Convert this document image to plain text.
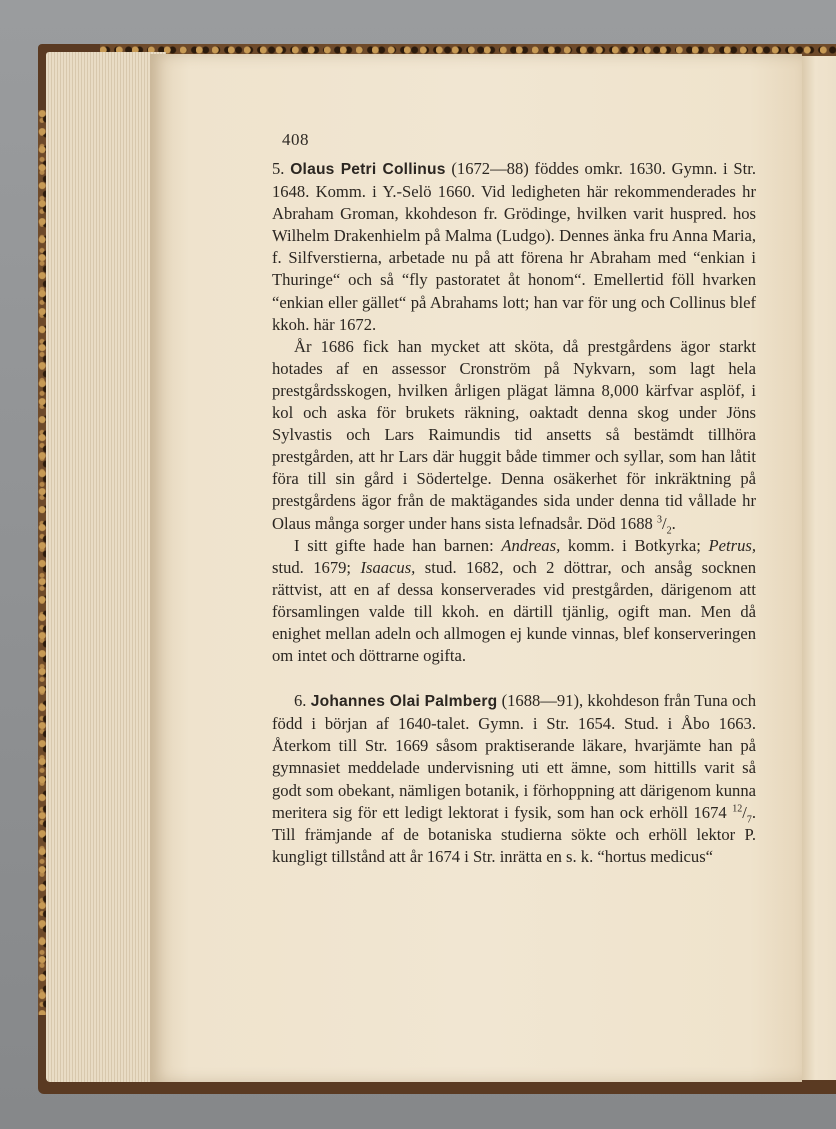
408

5. Olaus Petri Collinus (1672—88) föddes omkr. 1630. Gymn. i Str. 1648. Komm. i Y.-Selö 1660. Vid ledigheten här rekommenderades hr Abraham Groman, kkohdeson fr. Grödinge, hvilken varit huspred. hos Wilhelm Drakenhielm på Malma (Ludgo). Dennes änka fru Anna Maria, f. Silfverstierna, arbetade nu på att förena hr Abraham med “enkian i Thuringe“ och så “fly pastoratet åt honom“. Emellertid föll hvarken “enkian eller gället“ på Abrahams lott; han var för ung och Collinus blef kkoh. här 1672.

År 1686 fick han mycket att sköta, då prestgårdens ägor starkt hotades af en assessor Cronström på Nykvarn, som lagt hela prestgårdsskogen, hvilken årligen plägat lämna 8,000 kärfvar asplöf, i kol och aska för brukets räkning, oaktadt denna skog under Jöns Sylvastis och Lars Raimundis tid ansetts så bestämdt tillhöra prestgården, att hr Lars där huggit både timmer och syllar, som han låtit föra till sin gård i Södertelge. Denna osäkerhet för inkräktning på prestgårdens ägor från de maktägandes sida under denna tid vållade hr Olaus många sorger under hans sista lefnadsår. Död 1688 $^3/_2$.

I sitt gifte hade han barnen: Andreas, komm. i Botkyrka; Petrus, stud. 1679; Isaacus, stud. 1682, och 2 döttrar, och ansåg socknen rättvist, att en af dessa konserverades vid prestgården, därigenom att församlingen valde till kkoh. en därtill tjänlig, ogift man. Men då enighet mellan adeln och allmogen ej kunde vinnas, blef konserveringen om intet och döttrarne ogifta.

6. Johannes Olai Palmberg (1688—91), kkohdeson från Tuna och född i början af 1640-talet. Gymn. i Str. 1654. Stud. i Åbo 1663. Återkom till Str. 1669 såsom praktiserande läkare, hvarjämte han på gymnasiet meddelade undervisning uti ett ämne, som hittills varit så godt som obekant, nämligen botanik, i förhoppning att därigenom kunna meritera sig för ett ledigt lektorat i fysik, som han ock erhöll 1674 $^{12}/_7$. Till främjande af de botaniska studierna sökte och erhöll lektor P. kungligt tillstånd att år 1674 i Str. inrätta en s. k. “hortus medicus“
